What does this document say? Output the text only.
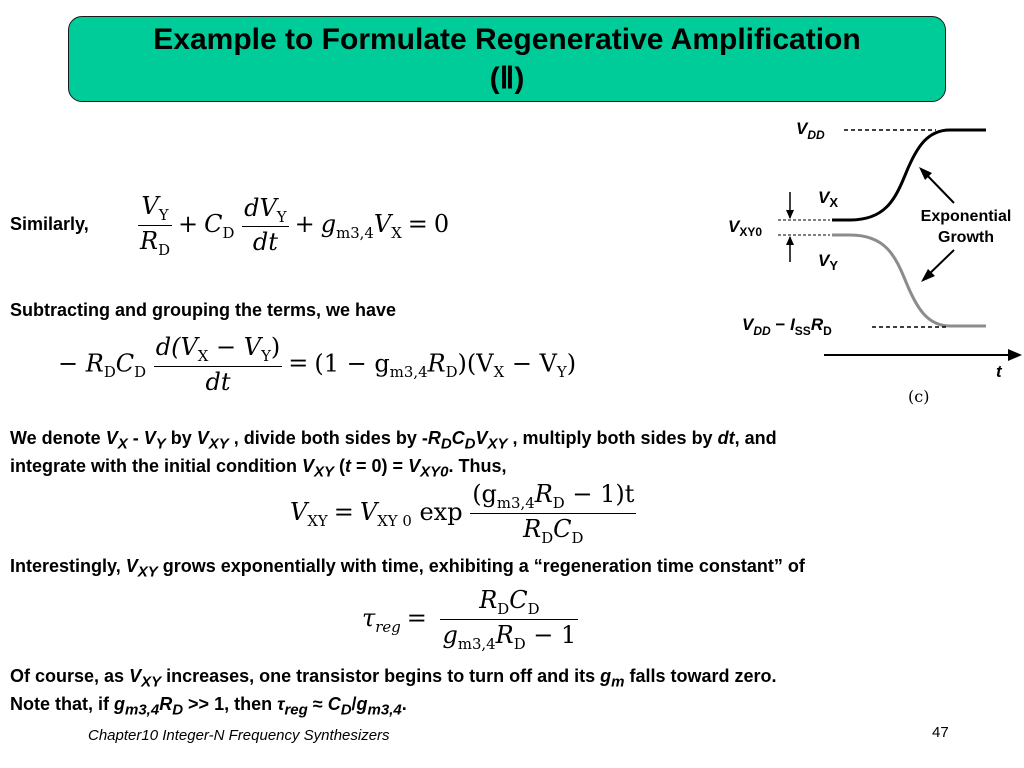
Example to Formulate Regenerative Amplification
(Ⅱ)
Similarly, $\frac{V_Y}{R_D} + C_D \frac{dV_Y}{dt} + g_{m3,4}V_X = 0$
Subtracting and grouping the terms, we have
− $R_DC_D \frac{d(V_X - V_Y)}{dt} = (1 - g_{m3,4}R_D)(V_X - V_Y)$
We denote $V_X - V_Y$ by $V_{XY}$ , divide both sides by $-R_DC_DV_{XY}$ , multiply both sides by dt, and
integrate with the initial condition $V_{XY}$ $(t = 0) = V_{XY0}$. Thus,
$V_{XY} = V_{XY 0}$ $\exp \frac{(g_{m3,4}R_D - 1)t}{R_DC_D}$
Interestingly, $V_{XY}$ grows exponentially with time, exhibiting a “regeneration time constant” of
$\tau_{reg} = \frac{R_DC_D}{g_{m3,4}R_D - 1}$
Of course, as $V_{XY}$ increases, one transistor begins to turn off and its $g_m$ falls toward zero.
Note that, if $g_{m3,4}R_D >> 1$, then $\tau_{reg} \approx C_D/g_{m3,4}$.
$V_{DD}$
$V_X$
$V_{XY0}$
$V_Y$
Exponential
Growth
$V_{DD} - I_{SS}R_D$
t
(c)
Chapter10 Integer-N Frequency Synthesizers	47
